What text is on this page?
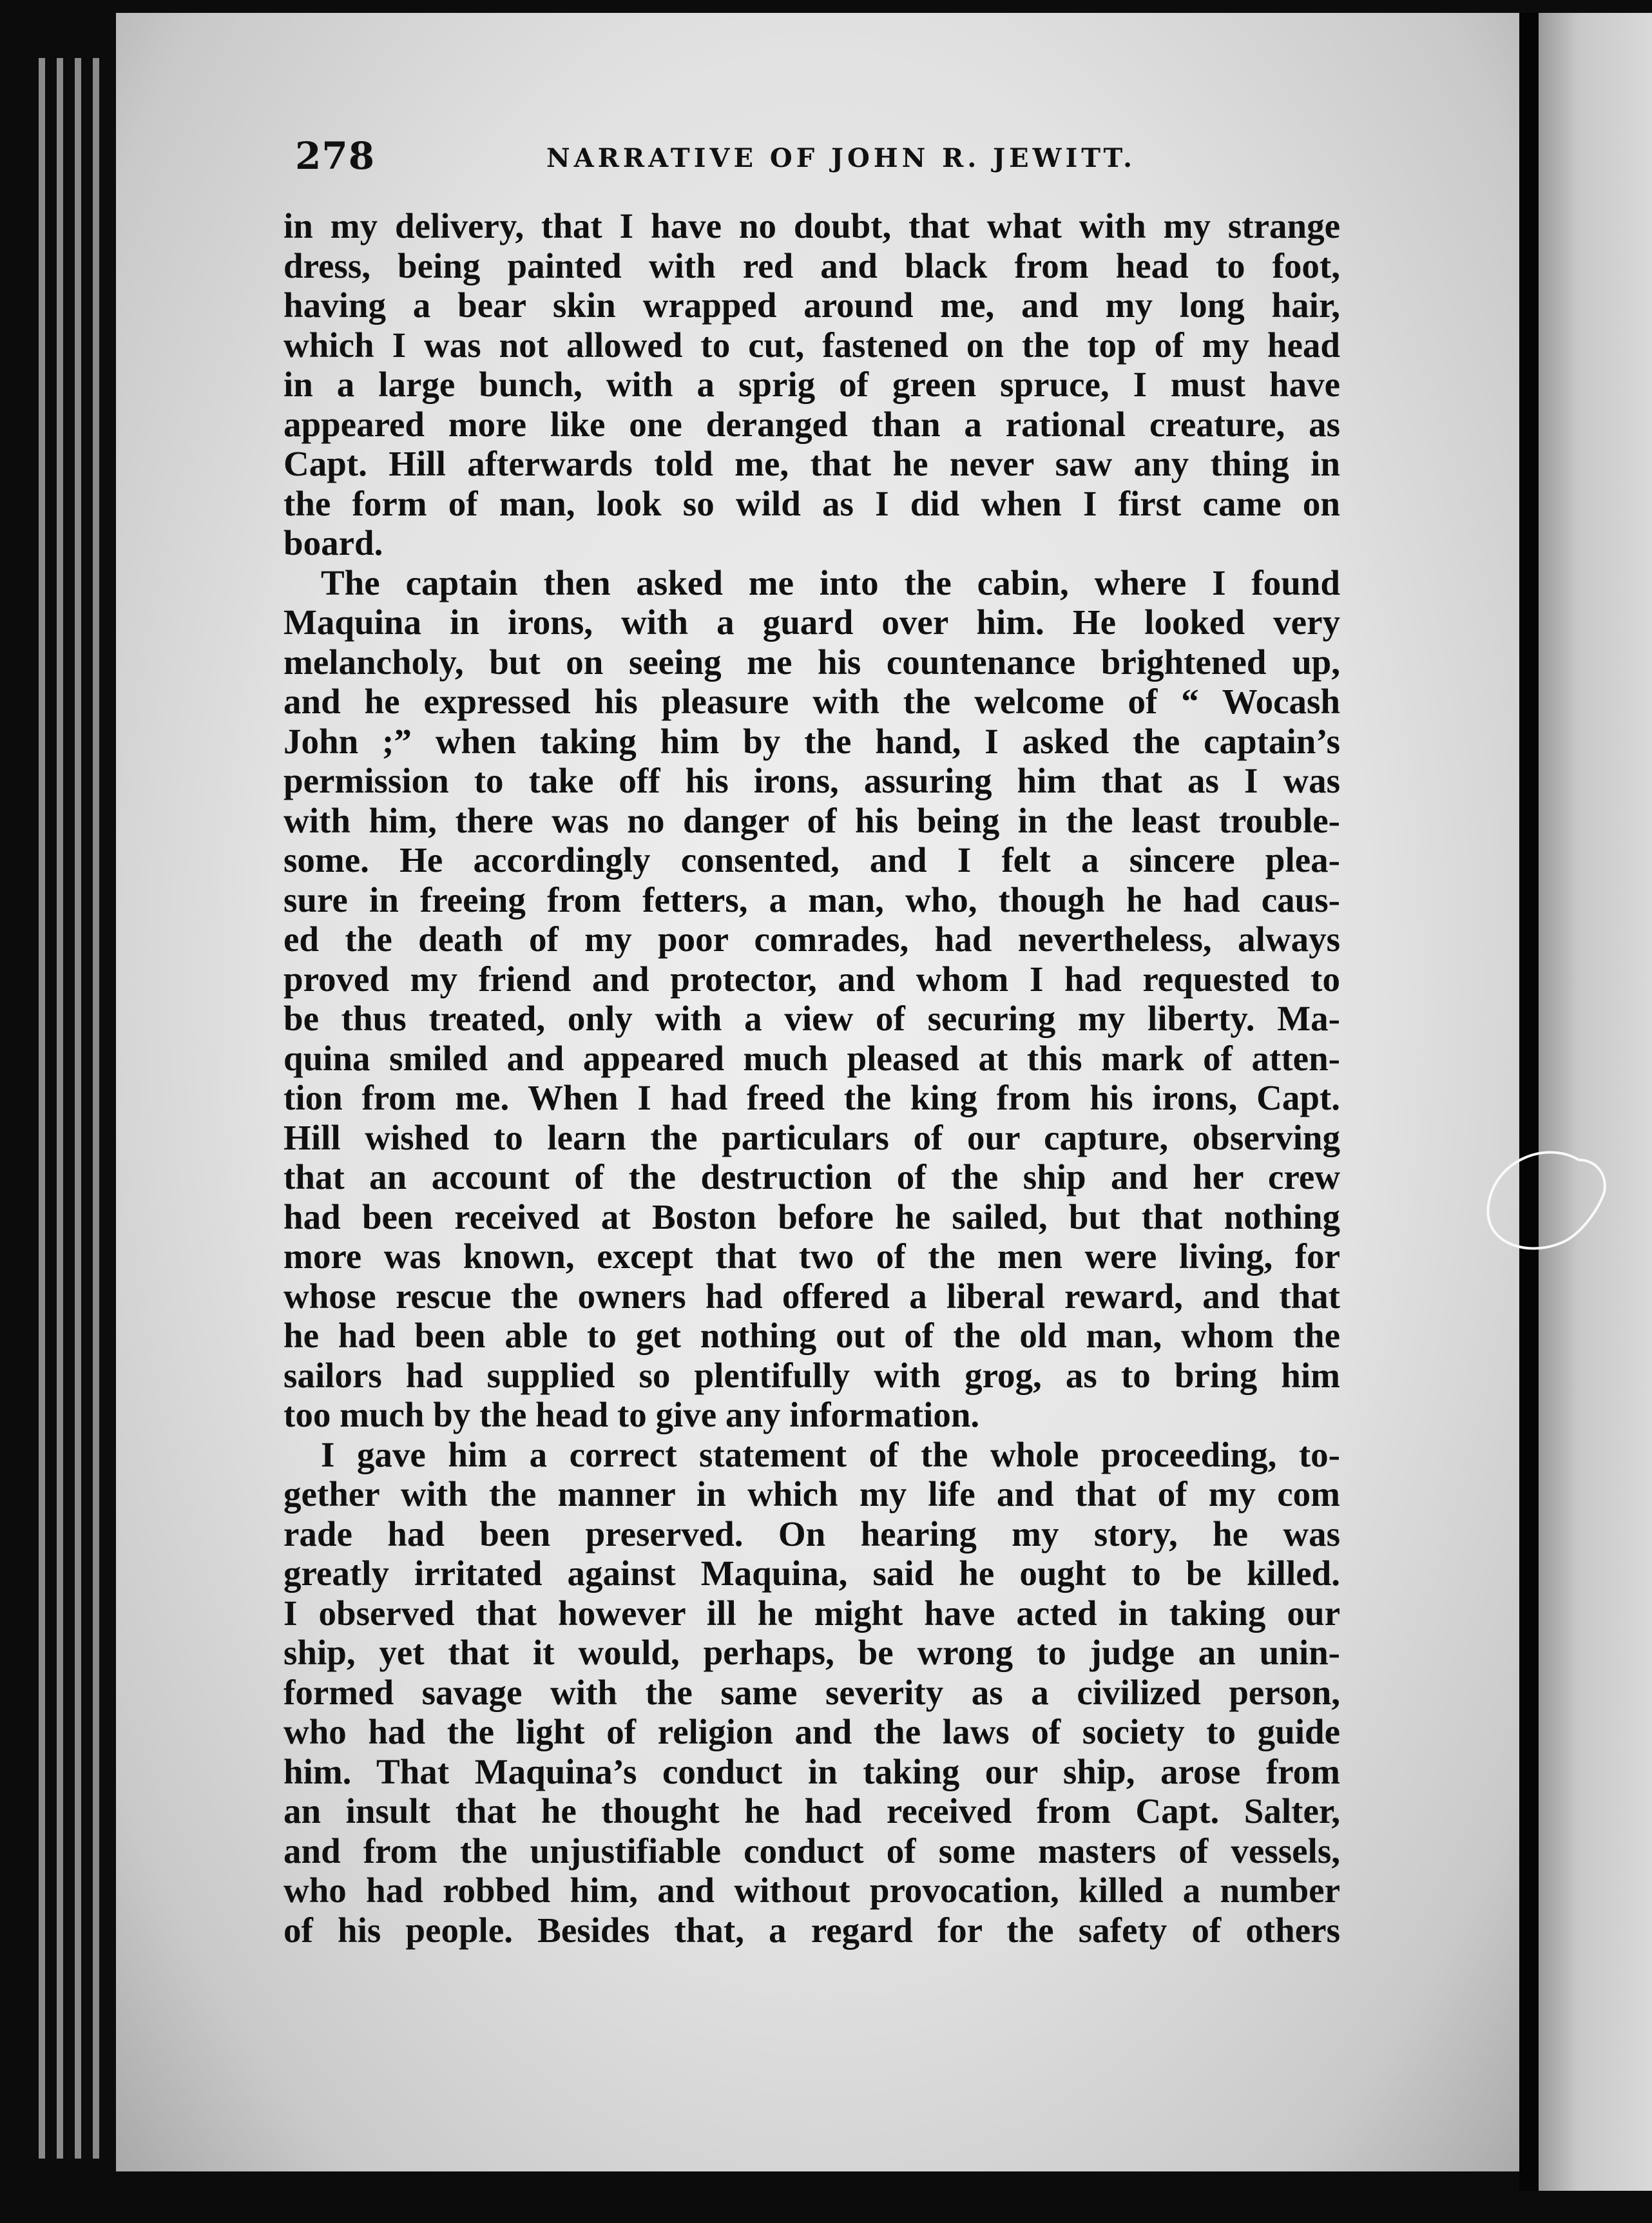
278	NARRATIVE OF JOHN R. JEWITT.

in my delivery, that I have no doubt, that what with my strange
dress, being painted with red and black from head to foot,
having a bear skin wrapped around me, and my long hair,
which I was not allowed to cut, fastened on the top of my head
in a large bunch, with a sprig of green spruce, I must have
appeared more like one deranged than a rational creature, as
Capt. Hill afterwards told me, that he never saw any thing in
the form of man, look so wild as I did when I first came on
board.

The captain then asked me into the cabin, where I found
Maquina in irons, with a guard over him. He looked very
melancholy, but on seeing me his countenance brightened up,
and he expressed his pleasure with the welcome of “ Wocash
John ;” when taking him by the hand, I asked the captain’s
permission to take off his irons, assuring him that as I was
with him, there was no danger of his being in the least trouble-
some. He accordingly consented, and I felt a sincere plea-
sure in freeing from fetters, a man, who, though he had caus-
ed the death of my poor comrades, had nevertheless, always
proved my friend and protector, and whom I had requested to
be thus treated, only with a view of securing my liberty. Ma-
quina smiled and appeared much pleased at this mark of atten-
tion from me. When I had freed the king from his irons, Capt.
Hill wished to learn the particulars of our capture, observing
that an account of the destruction of the ship and her crew
had been received at Boston before he sailed, but that nothing
more was known, except that two of the men were living, for
whose rescue the owners had offered a liberal reward, and that
he had been able to get nothing out of the old man, whom the
sailors had supplied so plentifully with grog, as to bring him
too much by the head to give any information.

I gave him a correct statement of the whole proceeding, to-
gether with the manner in which my life and that of my com
rade had been preserved. On hearing my story, he was
greatly irritated against Maquina, said he ought to be killed.
I observed that however ill he might have acted in taking our
ship, yet that it would, perhaps, be wrong to judge an unin-
formed savage with the same severity as a civilized person,
who had the light of religion and the laws of society to guide
him. That Maquina’s conduct in taking our ship, arose from
an insult that he thought he had received from Capt. Salter,
and from the unjustifiable conduct of some masters of vessels,
who had robbed him, and without provocation, killed a number
of his people. Besides that, a regard for the safety of others
